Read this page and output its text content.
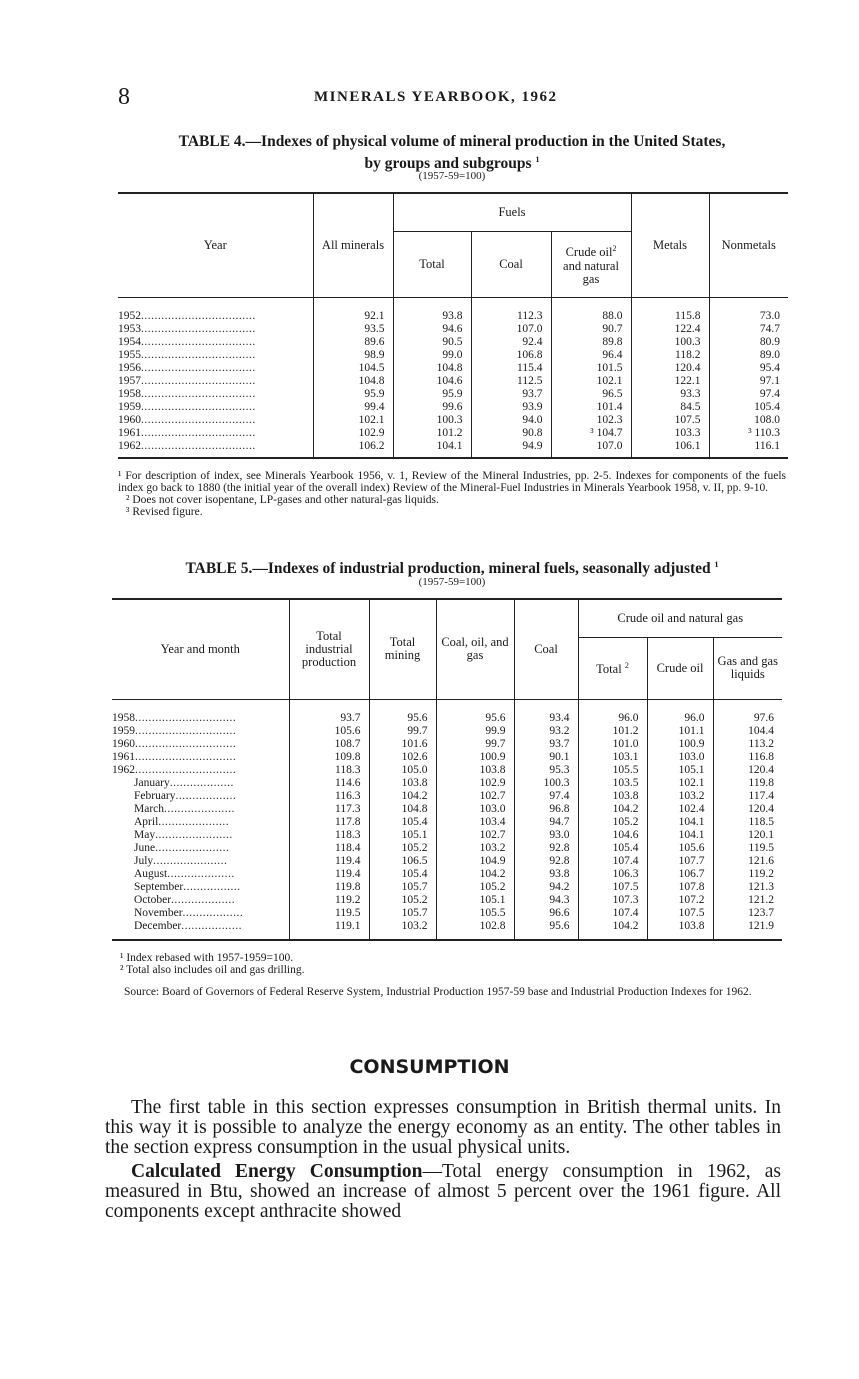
8	MINERALS YEARBOOK, 1962
TABLE 4.—Indexes of physical volume of mineral production in the United States,
by groups and subgroups $^1$
(1957-59=100)
Year	All minerals	Fuels			Metals	Nonmetals
		Total	Coal	Crude oil$^2$
and natural gas		
1952..................................	92.1	93.8	112.3	88.0	115.8	73.0
1953..................................	93.5	94.6	107.0	90.7	122.4	74.7
1954..................................	89.6	90.5	92.4	89.8	100.3	80.9
1955..................................	98.9	99.0	106.8	96.4	118.2	89.0
1956..................................	104.5	104.8	115.4	101.5	120.4	95.4
1957..................................	104.8	104.6	112.5	102.1	122.1	97.1
1958..................................	95.9	95.9	93.7	96.5	93.3	97.4
1959..................................	99.4	99.6	93.9	101.4	84.5	105.4
1960..................................	102.1	100.3	94.0	102.3	107.5	108.0
1961..................................	102.9	101.2	90.8	³ 104.7	103.3	³ 110.3
1962..................................	106.2	104.1	94.9	107.0	106.1	116.1

¹ For description of index, see Minerals Yearbook 1956, v. 1, Review of the Mineral Industries, pp. 2-5. Indexes for components of the fuels index go back to 1880 (the initial year of the overall index) Review of the Mineral-Fuel Industries in Minerals Yearbook 1958, v. II, pp. 9-10.

² Does not cover isopentane, LP-gases and other natural-gas liquids.

³ Revised figure.

TABLE 5.—Indexes of industrial production, mineral fuels, seasonally adjusted $^1$
(1957-59=100)
Year and month	Total industrial production	Total mining	Coal, oil, and gas	Coal	Crude oil and natural gas		
					Total $^2$	Crude oil	Gas and gas liquids
1958..............................	93.7	95.6	95.6	93.4	96.0	96.0	97.6
1959..............................	105.6	99.7	99.9	93.2	101.2	101.1	104.4
1960..............................	108.7	101.6	99.7	93.7	101.0	100.9	113.2
1961..............................	109.8	102.6	100.9	90.1	103.1	103.0	116.8
1962..............................	118.3	105.0	103.8	95.3	105.5	105.1	120.4
January...................	114.6	103.8	102.9	100.3	103.5	102.1	119.8
February..................	116.3	104.2	102.7	97.4	103.8	103.2	117.4
March.....................	117.3	104.8	103.0	96.8	104.2	102.4	120.4
April.....................	117.8	105.4	103.4	94.7	105.2	104.1	118.5
May.......................	118.3	105.1	102.7	93.0	104.6	104.1	120.1
June......................	118.4	105.2	103.2	92.8	105.4	105.6	119.5
July......................	119.4	106.5	104.9	92.8	107.4	107.7	121.6
August....................	119.4	105.4	104.2	93.8	106.3	106.7	119.2
September.................	119.8	105.7	105.2	94.2	107.5	107.8	121.3
October...................	119.2	105.2	105.1	94.3	107.3	107.2	121.2
November..................	119.5	105.7	105.5	96.6	107.4	107.5	123.7
December..................	119.1	103.2	102.8	95.6	104.2	103.8	121.9

¹ Index rebased with 1957-1959=100.

² Total also includes oil and gas drilling.

Source: Board of Governors of Federal Reserve System, Industrial Production 1957-59 base and Industrial Production Indexes for 1962.

CONSUMPTION

The first table in this section expresses consumption in British thermal units. In this way it is possible to analyze the energy economy as an entity. The other tables in the section express consumption in the usual physical units.

Calculated Energy Consumption—Total energy consumption in 1962, as measured in Btu, showed an increase of almost 5 percent over the 1961 figure. All components except anthracite showed
